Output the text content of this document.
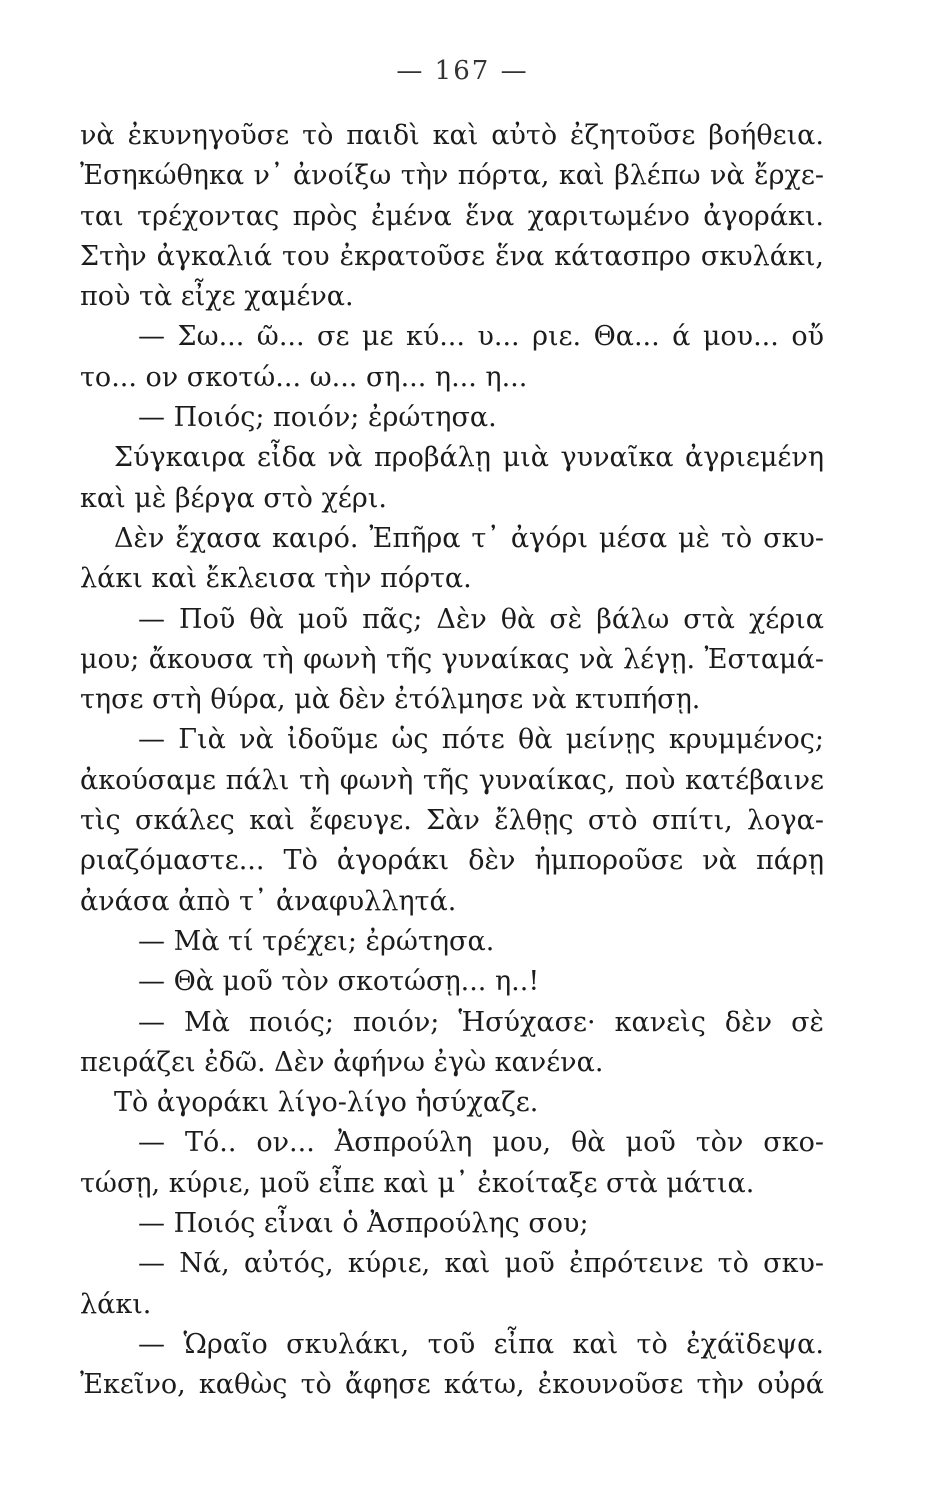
— 167 —
νὰ ἐκυνηγοῦσε τὸ παιδὶ καὶ αὐτὸ ἐζητοῦσε βοήθεια.
Ἐσηκώθηκα ν᾽ ἀνοίξω τὴν πόρτα, καὶ βλέπω νὰ ἔρχε-
ται τρέχοντας πρὸς ἐμένα ἕνα χαριτωμένο ἀγοράκι.
Στὴν ἀγκαλιά του ἐκρατοῦσε ἕνα κάτασπρο σκυλάκι,
ποὺ τὰ εἶχε χαμένα.
— Σω... ῶ... σε με κύ... υ... ριε. Θα... ά μου... οὔ
το... ον σκοτώ... ω... ση... η... η...
— Ποιός; ποιόν; ἐρώτησα.
Σύγκαιρα εἶδα νὰ προβάλῃ μιὰ γυναῖκα ἀγριεμένη
καὶ μὲ βέργα στὸ χέρι.
Δὲν ἔχασα καιρό. Ἐπῆρα τ᾽ ἀγόρι μέσα μὲ τὸ σκυ-
λάκι καὶ ἔκλεισα τὴν πόρτα.
— Ποῦ θὰ μοῦ πᾶς; Δὲν θὰ σὲ βάλω στὰ χέρια
μου; ἄκουσα τὴ φωνὴ τῆς γυναίκας νὰ λέγῃ. Ἐσταμά-
τησε στὴ θύρα, μὰ δὲν ἐτόλμησε νὰ κτυπήσῃ.
— Γιὰ νὰ ἰδοῦμε ὡς πότε θὰ μείνῃς κρυμμένος;
ἀκούσαμε πάλι τὴ φωνὴ τῆς γυναίκας, ποὺ κατέβαινε
τὶς σκάλες καὶ ἔφευγε. Σὰν ἔλθῃς στὸ σπίτι, λογα-
ριαζόμαστε... Τὸ ἀγοράκι δὲν ἠμποροῦσε νὰ πάρῃ
ἀνάσα ἀπὸ τ᾽ ἀναφυλλητά.
— Μὰ τί τρέχει; ἐρώτησα.
— Θὰ μοῦ τὸν σκοτώσῃ... η..!
— Μὰ ποιός; ποιόν; Ἡσύχασε· κανεὶς δὲν σὲ
πειράζει ἐδῶ. Δὲν ἀφήνω ἐγὼ κανένα.
Τὸ ἀγοράκι λίγο-λίγο ἡσύχαζε.
— Τό.. ον... Ἀσπρούλη μου, θὰ μοῦ τὸν σκο-
τώσῃ, κύριε, μοῦ εἶπε καὶ μ᾽ ἐκοίταξε στὰ μάτια.
— Ποιός εἶναι ὁ Ἀσπρούλης σου;
— Νά, αὐτός, κύριε, καὶ μοῦ ἐπρότεινε τὸ σκυ-
λάκι.
— Ὡραῖο σκυλάκι, τοῦ εἶπα καὶ τὸ ἐχάϊδεψα.
Ἐκεῖνο, καθὼς τὸ ἄφησε κάτω, ἐκουνοῦσε τὴν οὐρά
